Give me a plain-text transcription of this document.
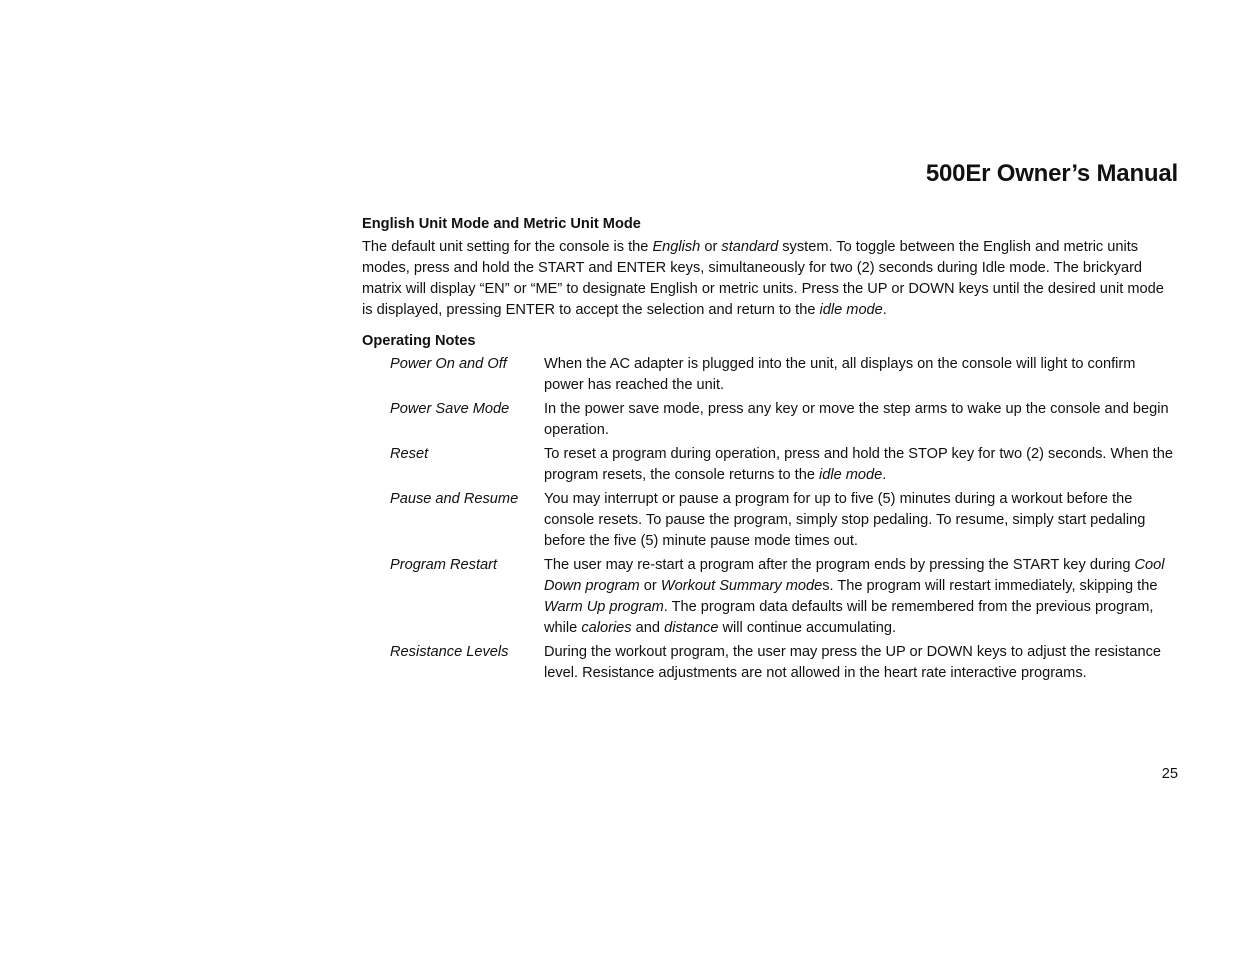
500Er Owner’s Manual
English Unit Mode and Metric Unit Mode

The default unit setting for the console is the English or standard system. To toggle between the English and metric units modes, press and hold the START and ENTER keys, simultaneously for two (2) seconds during Idle mode. The brickyard matrix will display “EN” or “ME” to designate English or metric units. Press the UP or DOWN keys until the desired unit mode is displayed, pressing ENTER to accept the selection and return to the idle mode.

Operating Notes
Power On and Off	When the AC adapter is plugged into the unit, all displays on the console will light to confirm power has reached the unit.
Power Save Mode	In the power save mode, press any key or move the step arms to wake up the console and begin operation.
Reset	To reset a program during operation, press and hold the STOP key for two (2) seconds. When the program resets, the console returns to the idle mode.
Pause and Resume	You may interrupt or pause a program for up to five (5) minutes during a workout before the console resets. To pause the program, simply stop pedaling. To resume, simply start pedaling before the five (5) minute pause mode times out.
Program Restart	The user may re-start a program after the program ends by pressing the START key during Cool Down program or Workout Summary modes. The program will restart immediately, skipping the Warm Up program. The program data defaults will be remembered from the previous program, while calories and distance will continue accumulating.
Resistance Levels	During the workout program, the user may press the UP or DOWN keys to adjust the resistance level. Resistance adjustments are not allowed in the heart rate interactive programs.
25
